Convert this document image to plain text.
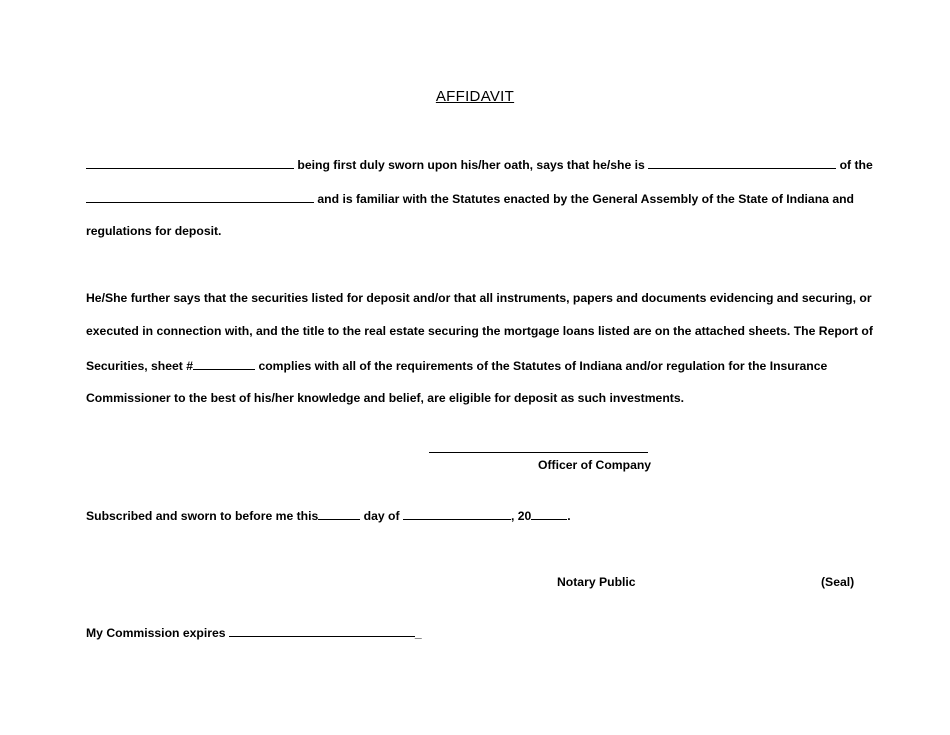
AFFIDAVIT
being first duly sworn upon his/her oath, says that he/she is	of the
and is familiar with the Statutes enacted by the General Assembly of the State of Indiana and
regulations for deposit.
He/She further says that the securities listed for deposit and/or that all instruments, papers and documents evidencing and securing, or
executed in connection with, and the title to the real estate securing the mortgage loans listed are on the attached sheets. The Report of
Securities, sheet #	complies with all of the requirements of the Statutes of Indiana and/or regulation for the Insurance
Commissioner to the best of his/her knowledge and belief, are eligible for deposit as such investments.
Officer of Company
Subscribed and sworn to before me this	day of	, 20	.
Notary Public	(Seal)
My Commission expires	_
